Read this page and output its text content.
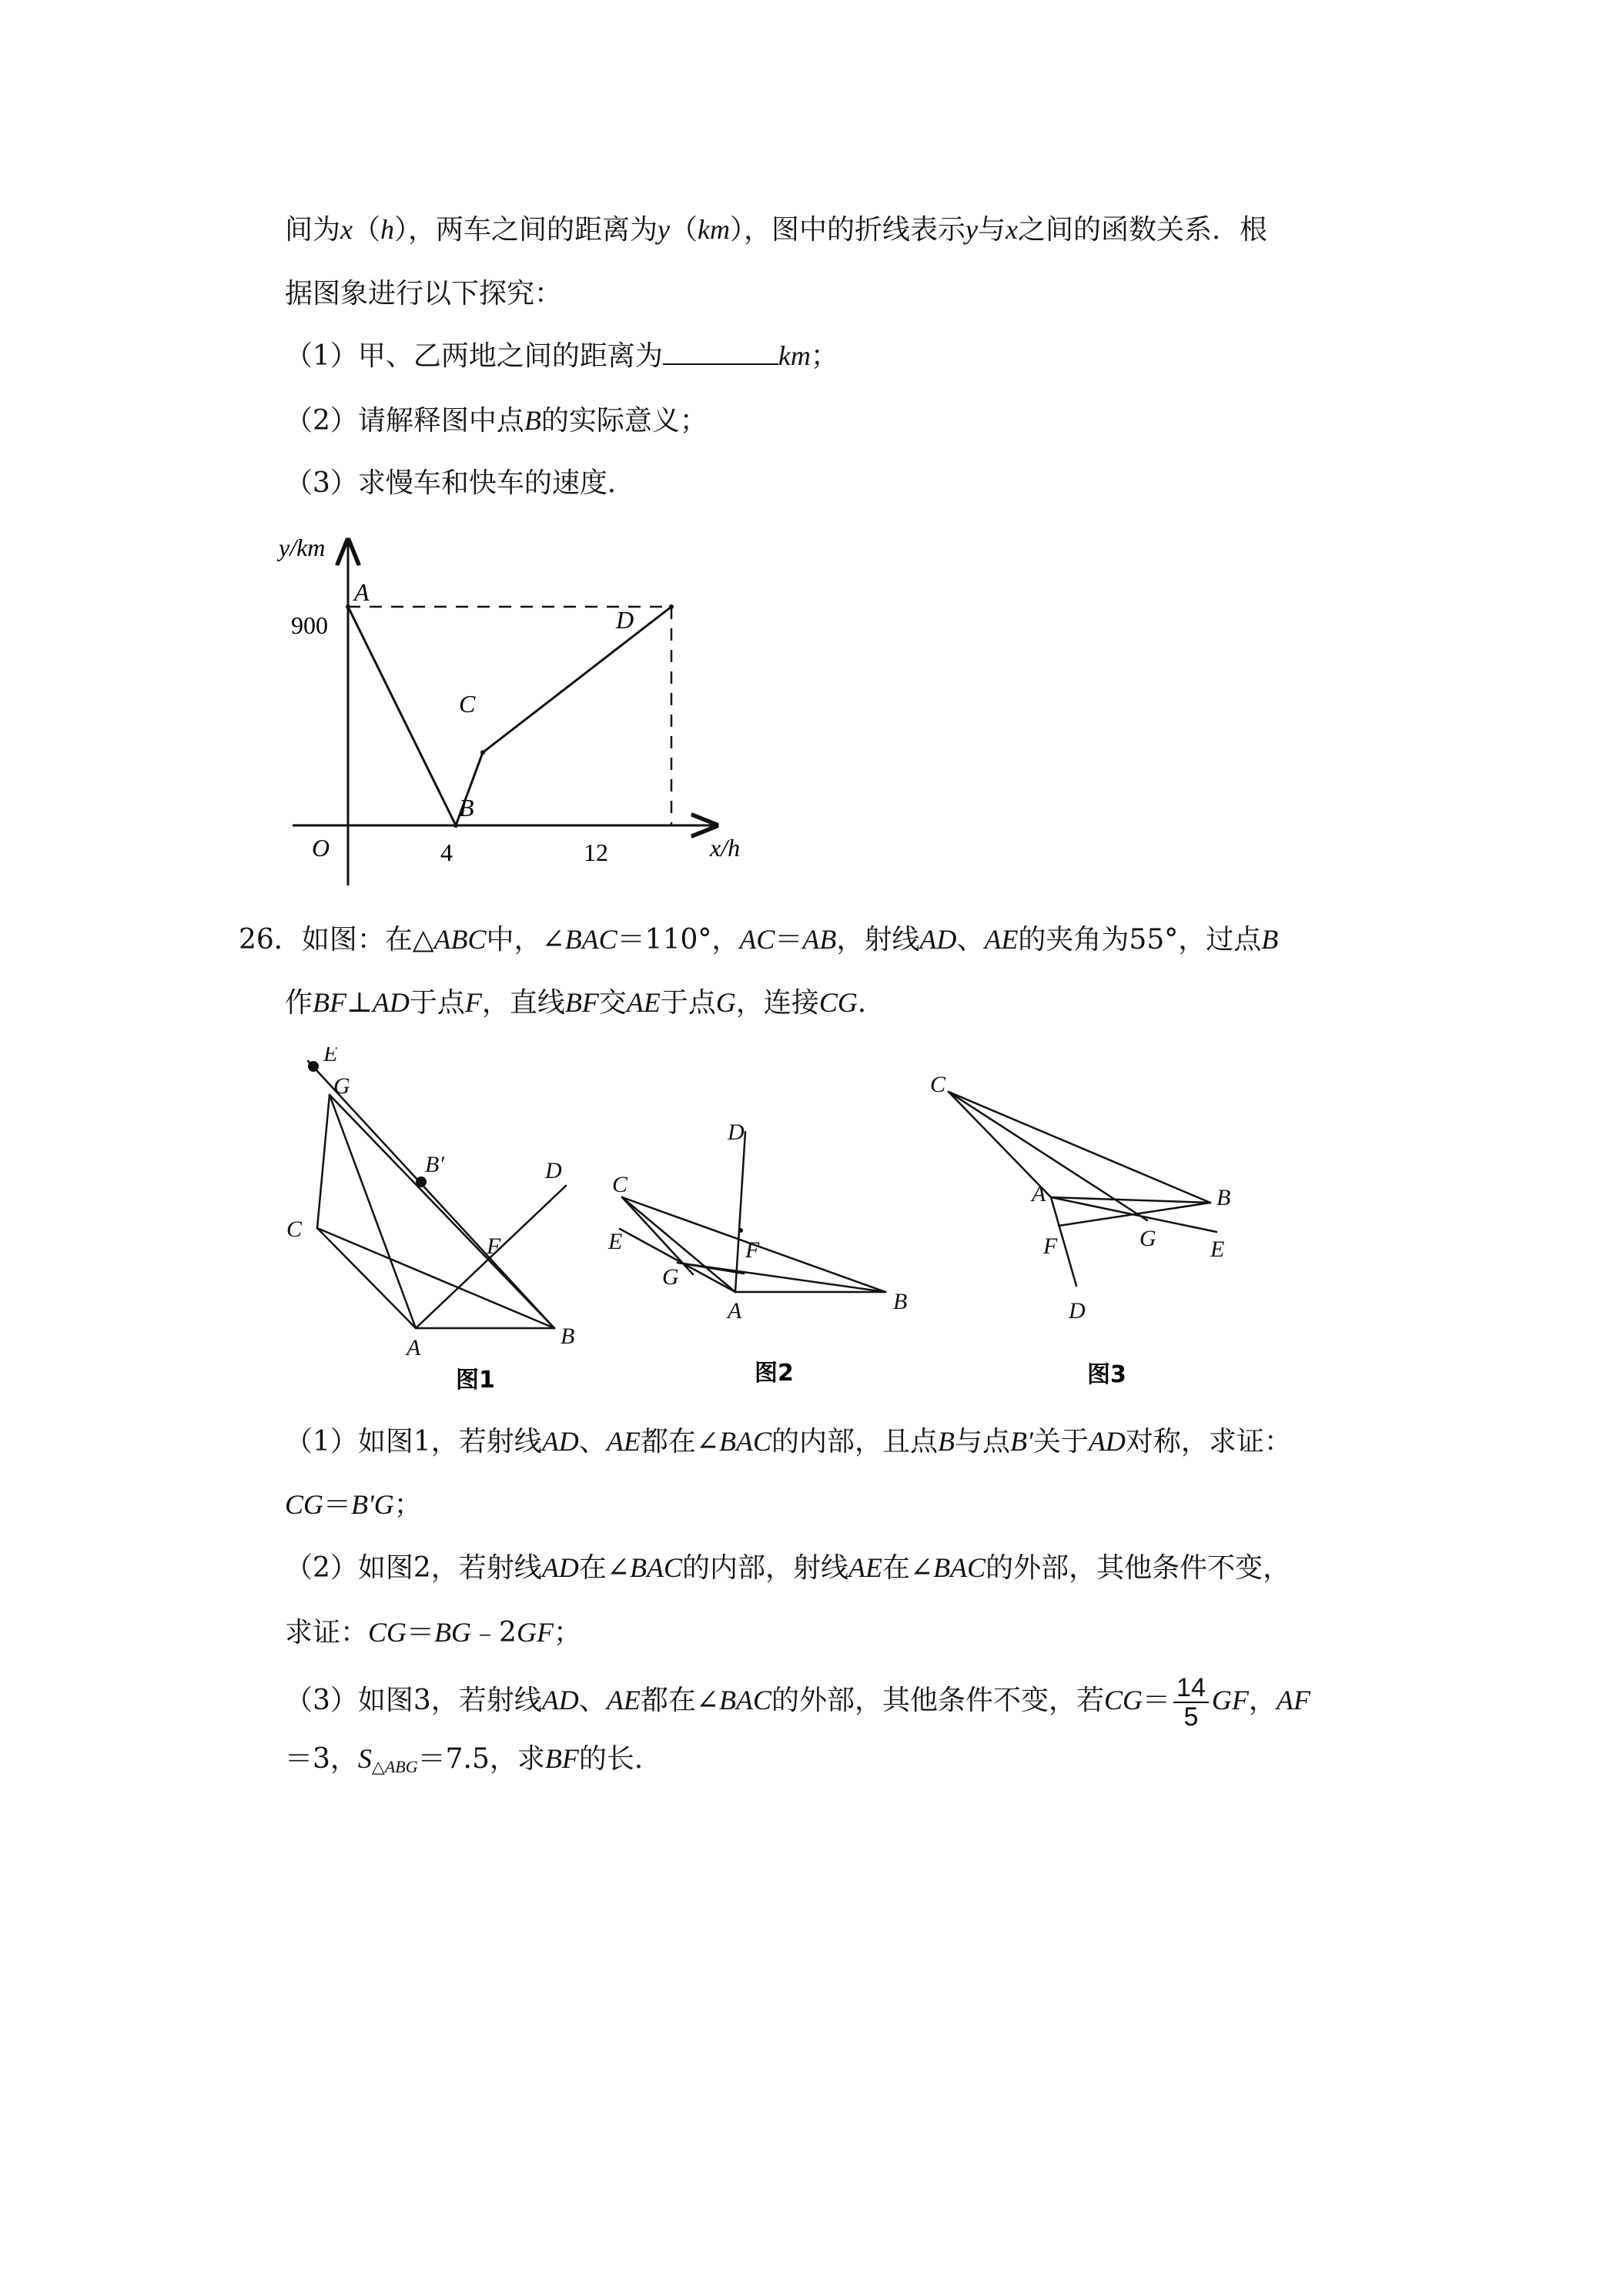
间为x（h），两车之间的距离为y（km），图中的折线表示y与x之间的函数关系．根
据图象进行以下探究：
（1）甲、乙两地之间的距离为	km；
（2）请解释图中点B的实际意义；
（3）求慢车和快车的速度．
y/km
x/h
O
900
4	12
A
B
C
D
26．如图：在△ABC中，∠BAC＝110°，AC＝AB，射线AD、AE的夹角为55°，过点B
作BF⊥AD于点F，直线BF交AE于点G，连接CG．
E
G
B′	D
C
F
A	B
D
C
E	F
G
A	B
C
B
A
G E
F
D
图1	图2	图3
（1）如图1，若射线AD、AE都在∠BAC的内部，且点B与点B′关于AD对称，求证：
CG＝B'G；
（2）如图2，若射线AD在∠BAC的内部，射线AE在∠BAC的外部，其他条件不变，
求证：CG＝BG﹣2GF；
（3）如图3，若射线AD、AE都在∠BAC的外部，其他条件不变，若$CG= \frac{14}{5}$ GF，AF
＝3，$S_{\triangle ABG}=7.5$，求BF的长．
